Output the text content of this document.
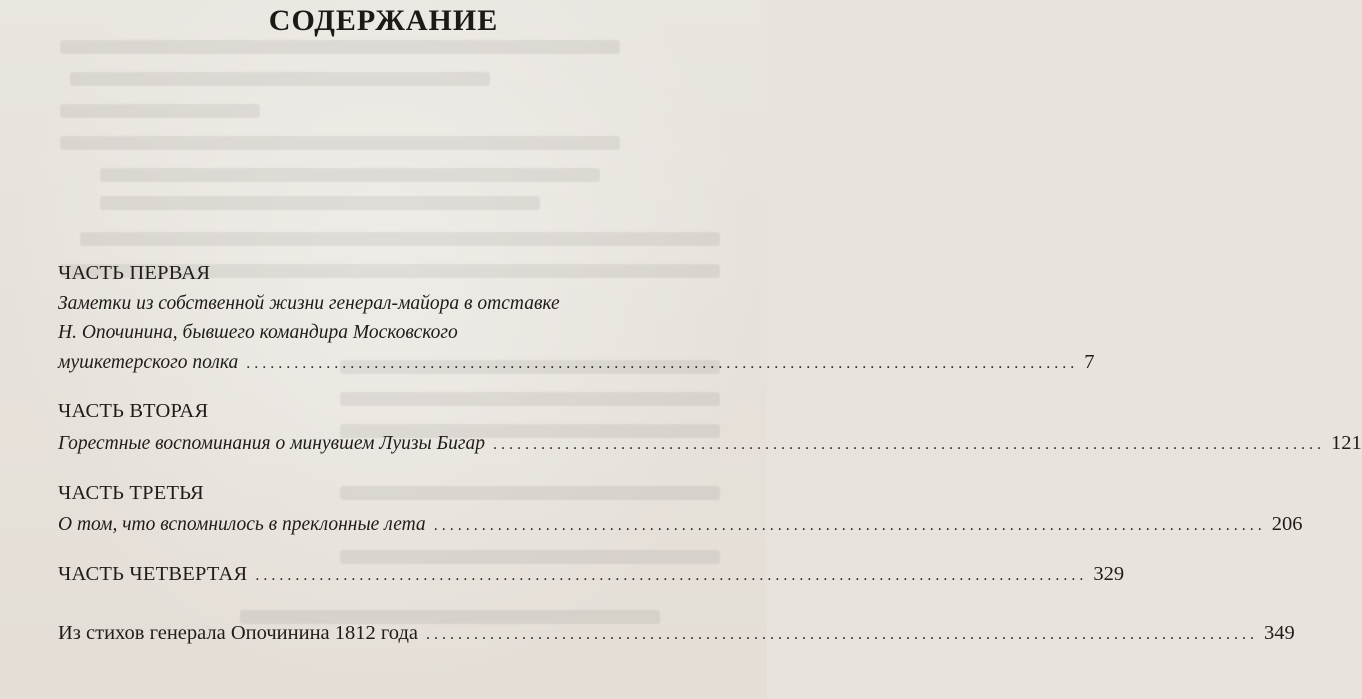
СОДЕРЖАНИЕ
ЧАСТЬ ПЕРВАЯ
Заметки из собственной жизни генерал-майора в отставке
Н. Опочинина, бывшего командира Московского
мушкетерского полка ........................................................................................................ 7
ЧАСТЬ ВТОРАЯ
Горестные воспоминания о минувшем Луизы Бигар ........................................................................................................ 121
ЧАСТЬ ТРЕТЬЯ
О том, что вспомнилось в преклонные лета ........................................................................................................ 206
ЧАСТЬ ЧЕТВЕРТАЯ ........................................................................................................ 329
Из стихов генерала Опочинина 1812 года ........................................................................................................ 349
